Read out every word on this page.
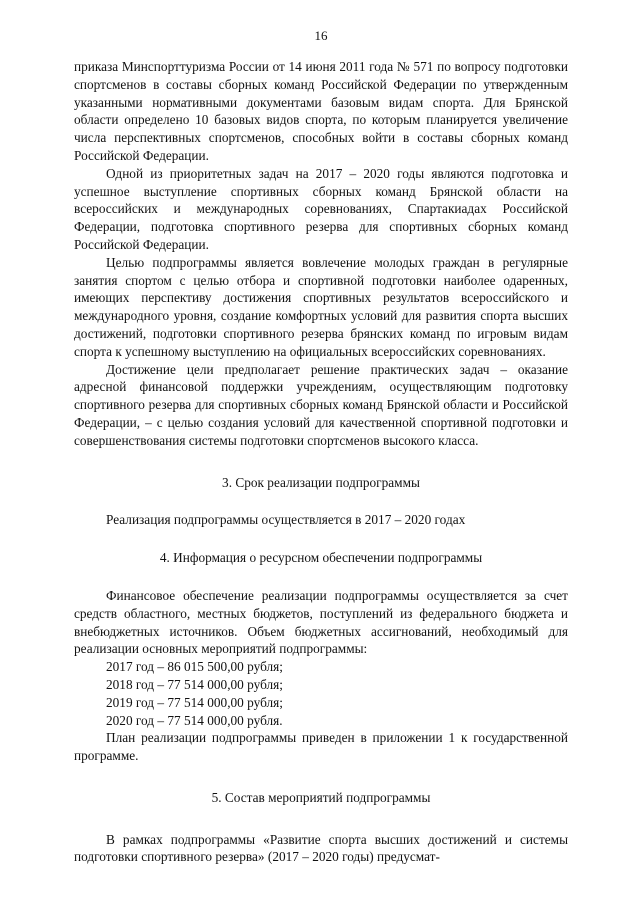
16

приказа Минспорттуризма России от 14 июня 2011 года № 571 по вопросу подготовки спортсменов в составы сборных команд Российской Федерации по утвержденным указанными нормативными документами базовым видам спорта. Для Брянской области определено 10 базовых видов спорта, по которым планируется увеличение числа перспективных спортсменов, способных войти в составы сборных команд Российской Федерации.

Одной из приоритетных задач на 2017 – 2020 годы являются подготовка и успешное выступление спортивных сборных команд Брянской области на всероссийских и международных соревнованиях, Спартакиадах Российской Федерации, подготовка спортивного резерва для спортивных сборных команд Российской Федерации.

Целью подпрограммы является вовлечение молодых граждан в регулярные занятия спортом с целью отбора и спортивной подготовки наиболее одаренных, имеющих перспективу достижения спортивных результатов всероссийского и международного уровня, создание комфортных условий для развития спорта высших достижений, подготовки спортивного резерва брянских команд по игровым видам спорта к успешному выступлению на официальных всероссийских соревнованиях.

Достижение цели предполагает решение практических задач – оказание адресной финансовой поддержки учреждениям, осуществляющим подготовку спортивного резерва для спортивных сборных команд Брянской области и Российской Федерации, – с целью создания условий для качественной спортивной подготовки и совершенствования системы подготовки спортсменов высокого класса.

3. Срок реализации подпрограммы

Реализация подпрограммы осуществляется в 2017 – 2020 годах

4. Информация о ресурсном обеспечении подпрограммы

Финансовое обеспечение реализации подпрограммы осуществляется за счет средств областного, местных бюджетов, поступлений из федерального бюджета и внебюджетных источников. Объем бюджетных ассигнований, необходимый для реализации основных мероприятий подпрограммы:

2017 год – 86 015 500,00 рубля;

2018 год – 77 514 000,00 рубля;

2019 год – 77 514 000,00 рубля;

2020 год – 77 514 000,00 рубля.

План реализации подпрограммы приведен в приложении 1 к государственной программе.

5. Состав мероприятий подпрограммы

В рамках подпрограммы «Развитие спорта высших достижений и системы подготовки спортивного резерва» (2017 – 2020 годы) предусмат-
